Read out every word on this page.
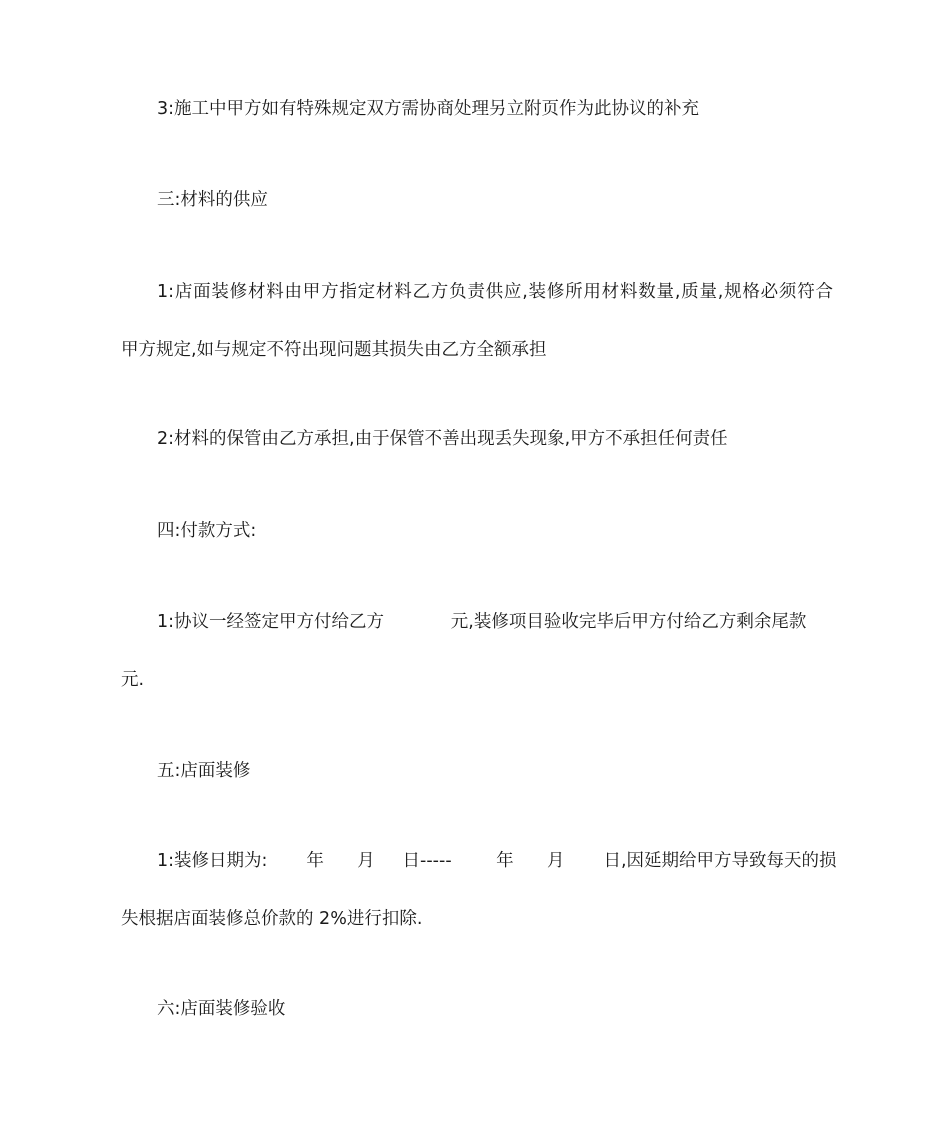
3:施工中甲方如有特殊规定双方需协商处理另立附页作为此协议的补充
三:材料的供应
1:店面装修材料由甲方指定材料乙方负责供应,装修所用材料数量,质量,规格必须符合
甲方规定,如与规定不符出现问题其损失由乙方全额承担
2:材料的保管由乙方承担,由于保管不善出现丢失现象,甲方不承担任何责任
四:付款方式:
1:协议一经签定甲方付给乙方            元,装修项目验收完毕后甲方付给乙方剩余尾款
元.
五:店面装修
1:装修日期为:       年      月     日-----        年      月       日,因延期给甲方导致每天的损
失根据店面装修总价款的 2%进行扣除.
六:店面装修验收
